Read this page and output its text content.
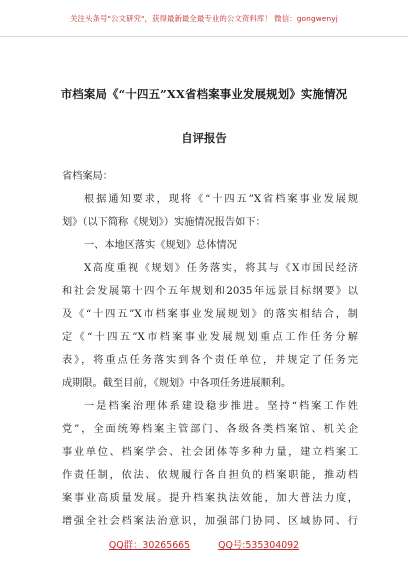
关注头条号"公文研究"，获得最新最全最专业的公文资料库！ 微信：gongwenyj
市档案局《“十四五”XX省档案事业发展规划》实施情况
自评报告
省档案局：
根据通知要求，现将《“十四五”X省档案事业发展规
划》（以下简称《规划》）实施情况报告如下：
一、本地区落实《规划》总体情况
X高度重视《规划》任务落实，将其与《X市国民经济
和社会发展第十四个五年规划和2035年远景目标纲要》以
及《“十四五”X市档案事业发展规划》的落实相结合，制
定《“十四五”X市档案事业发展规划重点工作任务分解
表》，将重点任务落实到各个责任单位，并规定了任务完
成期限。截至目前，《规划》中各项任务进展顺利。
一是档案治理体系建设稳步推进。坚持“档案工作姓
党”，全面统筹档案主管部门、各级各类档案馆、机关企
事业单位、档案学会、社会团体等多种力量，建立档案工
作责任制，依法、依规履行各自担负的档案职能，推动档
案事业高质量发展。提升档案执法效能，加大普法力度，
增强全社会档案法治意识，加强部门协同、区域协同、行
QQ群：30265665	QQ号:535304092
